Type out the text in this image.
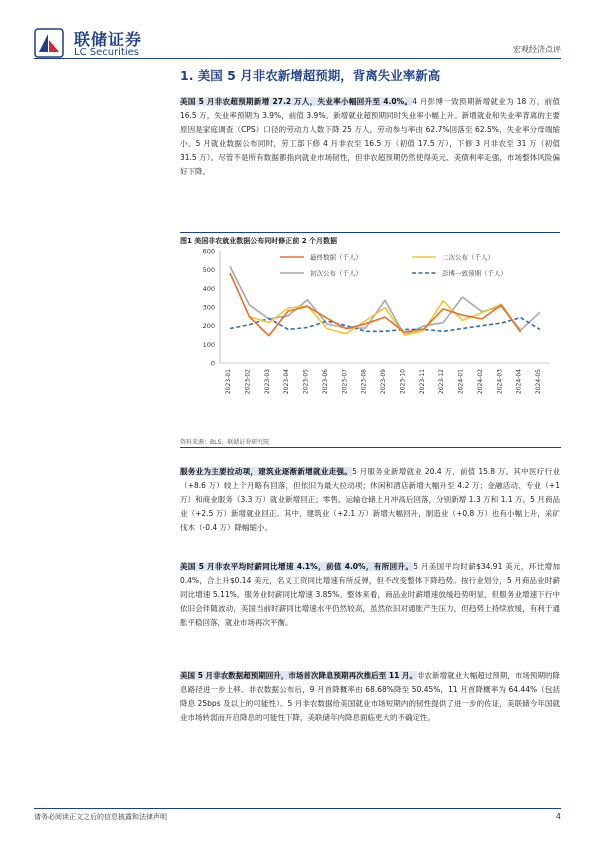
联储证券
LC Securities	宏观经济点评
1. 美国 5 月非农新增超预期，背离失业率新高
美国 5 月非农超预期新增 27.2 万人，失业率小幅回升至 4.0%。4 月彭博一致预期新增就业为 18 万，前值 16.5 万，失业率预期为 3.9%，前值 3.9%。新增就业超预期同时失业率小幅上升。新增就业和失业率背离的主要原因是家庭调查（CPS）口径的劳动力人数下降 25 万人，劳动参与率由 62.7%回落至 62.5%，失业率分母端缩小。5 月就业数据公布同时，劳工部下修 4 月非农至 16.5 万（初值 17.5 万），下修 3 月非农至 31 万（初值 31.5 万）。尽管不是所有数据都指向就业市场韧性，但非农超预期仍然使得美元、美债利率走强，市场整体风险偏好下降。
图1 美国非农就业数据公布同时修正前 2 个月数据
0
100
200
300
400
500
600
2023-01 2023-02 2023-03 2023-04 2023-05 2023-06 2023-07 2023-08 2023-09 2023-10 2023-11 2023-12 2024-01 2024-02 2024-03 2024-04 2024-05
最终数据（千人）	二次公布（千人）
初次公布（千人）	彭博一致预期（千人）
资料来源：BLS，联储证券研究院
服务业为主要拉动项，建筑业逐渐新增就业走强。5 月服务业新增就业 20.4 万，前值 15.8 万。其中医疗行业（+8.6 万）较上个月略有回落，但依旧为最大拉动项；休闲和酒店新增大幅升至 4.2 万；金融活动、专业（+1 万）和商业服务（3.3 万）就业新增回正；零售、运输仓储上月冲高后回落，分别新增 1.3 万和 1.1 万。5 月商品业（+2.5 万）新增就业回正。其中，建筑业（+2.1 万）新增大幅回升，制造业（+0.8 万）也有小幅上升，采矿伐木（-0.4 万）降幅缩小。
美国 5 月非农平均时薪同比增速 4.1%，前值 4.0%，有所回升。5 月美国平均时薪$34.91 美元，环比增加 0.4%，合上升$0.14 美元，名义工资同比增速有所反弹，但不改变整体下降趋势。按行业划分，5 月商品业时薪同比增速 5.11%，服务业时薪同比增速 3.85%。整体来看，商品业时薪增速放缓趋势明显，但服务业增速下行中依旧会伴随波动，美国当前时薪同比增速水平仍然较高，虽然依旧对通胀产生压力，但趋势上持续放缓，有利于通胀平稳回落，就业市场再次平衡。
美国 5 月非农数据超预期回升，市场首次降息预期再次推后至 11 月。非农新增就业大幅超过预期，市场预期的降息路径进一步上移。非农数据公布后，9 月首降概率由 68.68%降至 50.45%，11 月首降概率为 64.44%（包括降息 25bps 及以上的可能性）。5 月非农数据给美国就业市场短期内的韧性提供了进一步的佐证，美联储今年国就业市场转弱而开启降息的可能性下降，美联储年内降息面临更大的不确定性。
请务必阅读正文之后的信息披露和法律声明	4
